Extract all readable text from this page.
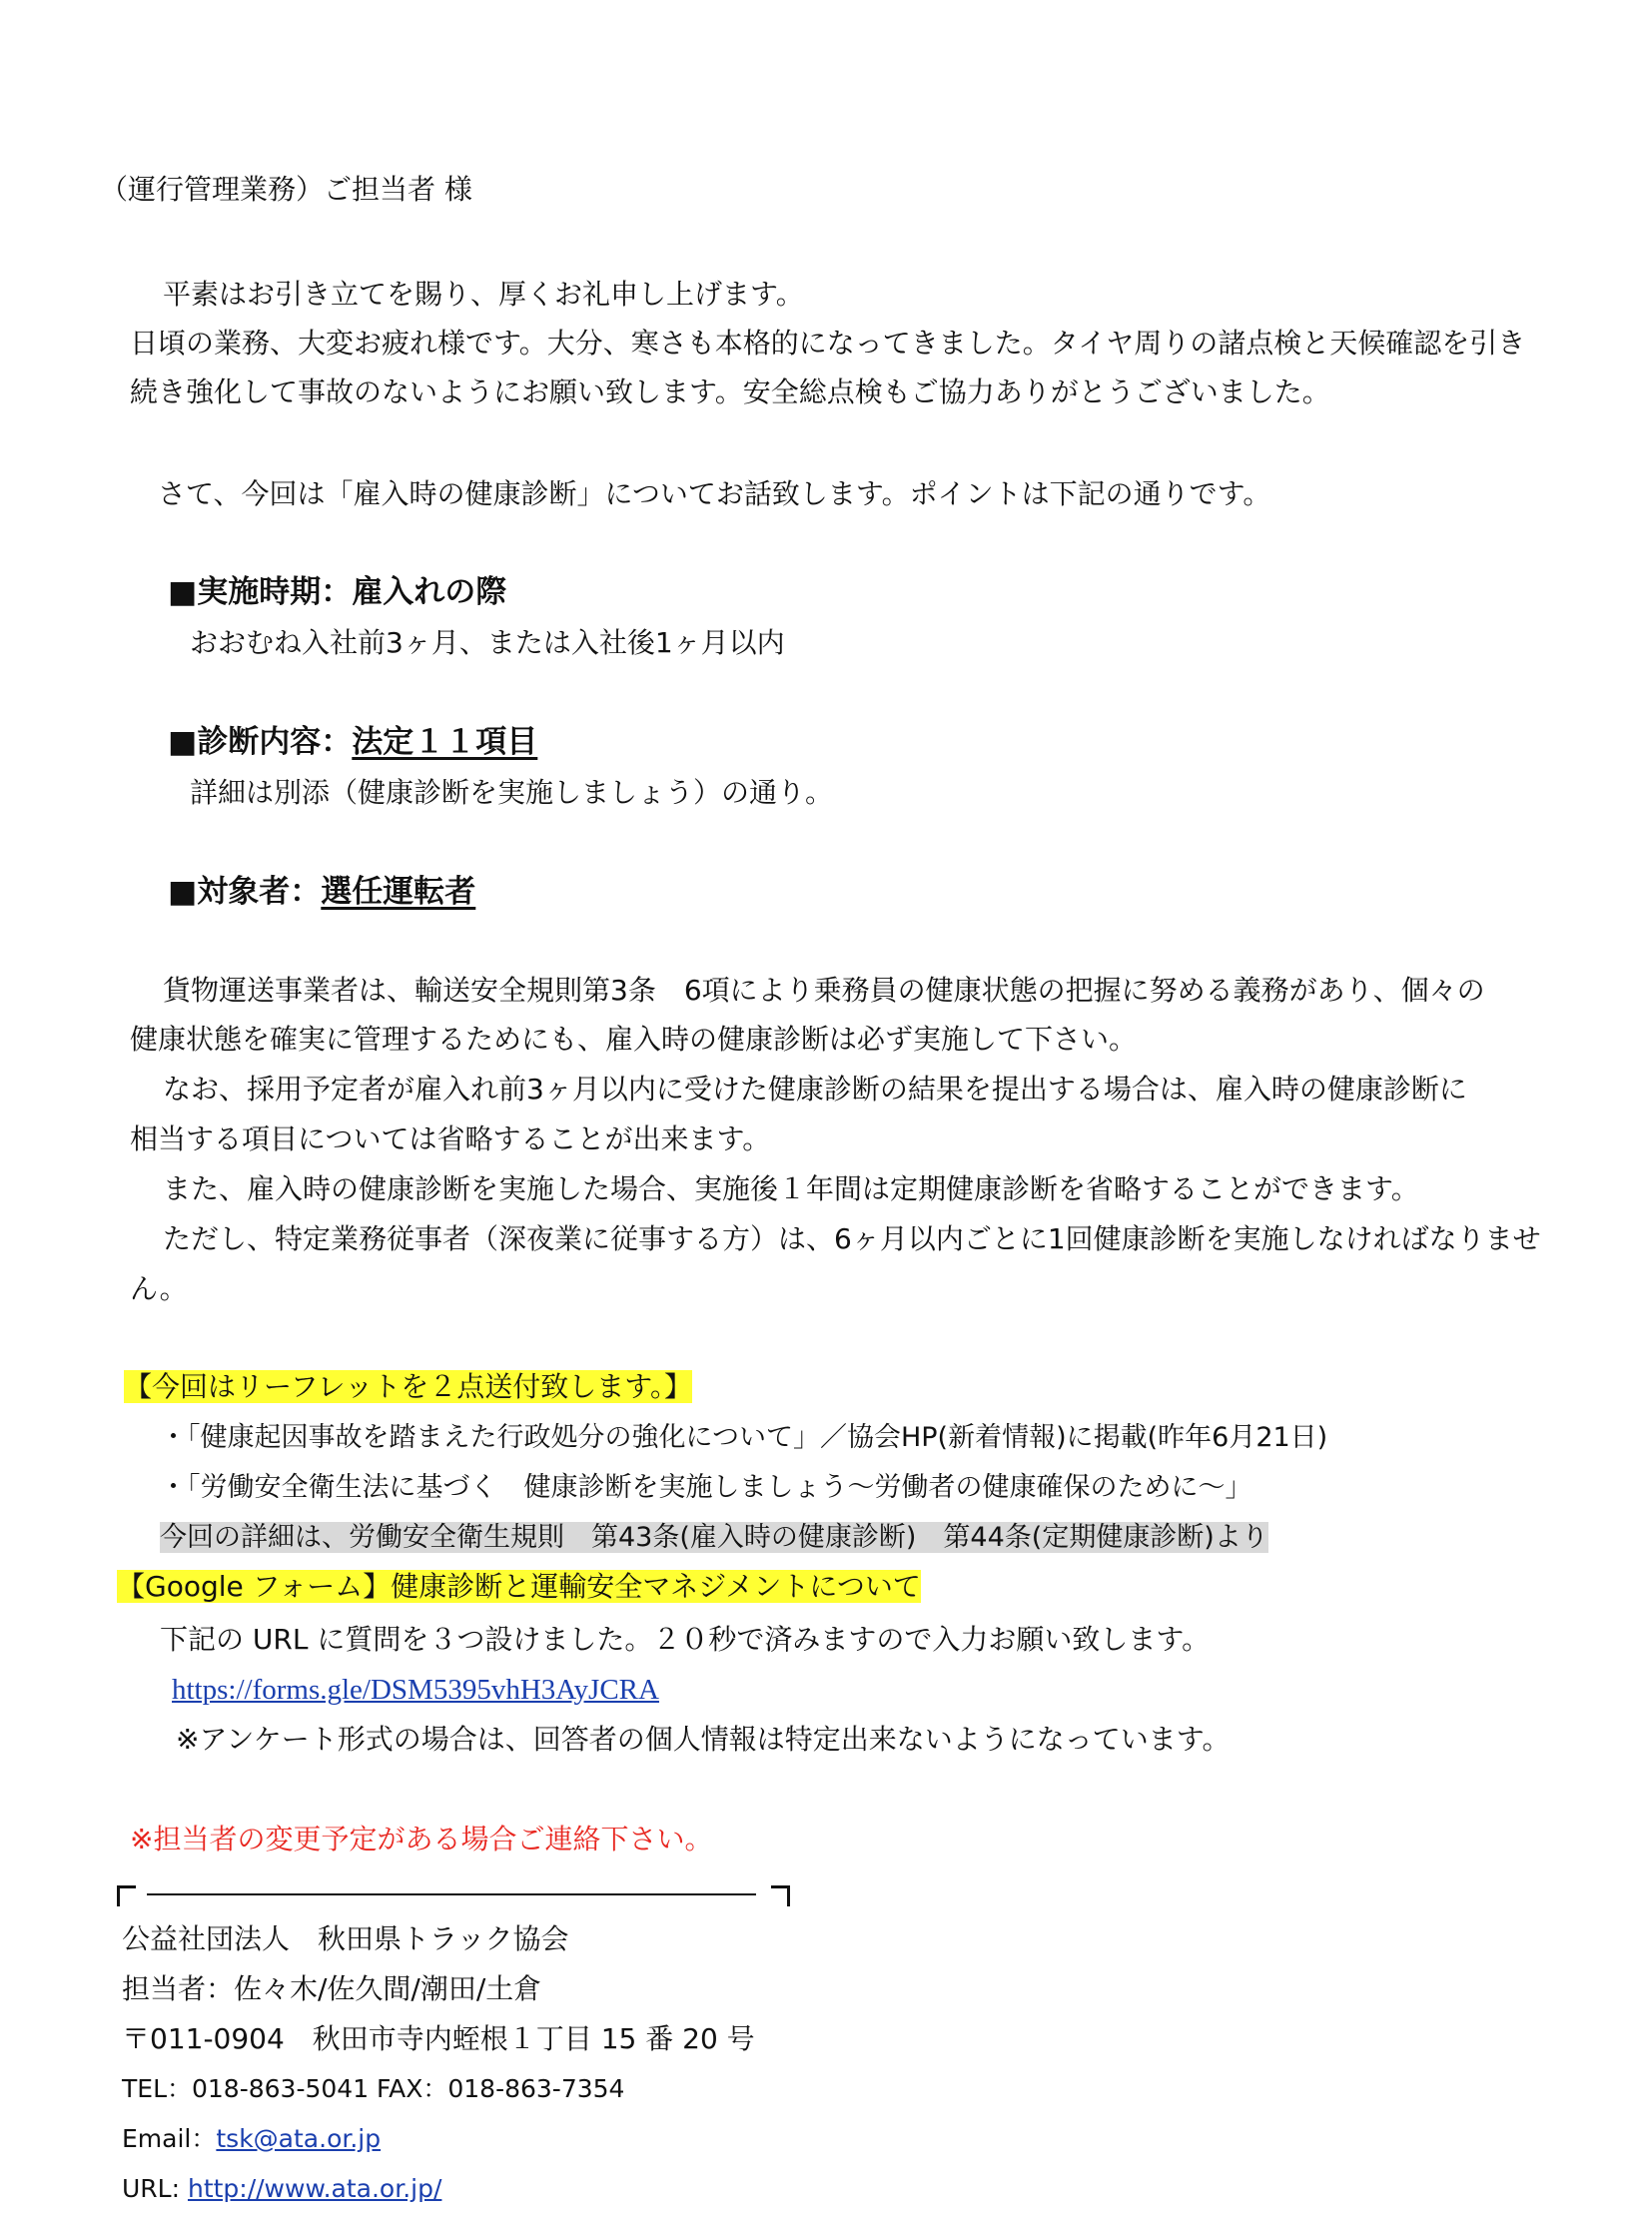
（運行管理業務）ご担当者 様
平素はお引き立てを賜り、厚くお礼申し上げます。
日頃の業務、大変お疲れ様です。大分、寒さも本格的になってきました。タイヤ周りの諸点検と天候確認を引き
続き強化して事故のないようにお願い致します。安全総点検もご協力ありがとうございました。
さて、今回は「雇入時の健康診断」についてお話致します。ポイントは下記の通りです。
■実施時期：雇入れの際
おおむね入社前3ヶ月、または入社後1ヶ月以内
■診断内容：法定１１項目
詳細は別添（健康診断を実施しましょう）の通り。
■対象者：選任運転者
貨物運送事業者は、輸送安全規則第3条　6項により乗務員の健康状態の把握に努める義務があり、個々の
健康状態を確実に管理するためにも、雇入時の健康診断は必ず実施して下さい。
なお、採用予定者が雇入れ前3ヶ月以内に受けた健康診断の結果を提出する場合は、雇入時の健康診断に
相当する項目については省略することが出来ます。
また、雇入時の健康診断を実施した場合、実施後１年間は定期健康診断を省略することができます。
ただし、特定業務従事者（深夜業に従事する方）は、6ヶ月以内ごとに1回健康診断を実施しなければなりませ
ん。
【今回はリーフレットを２点送付致します。】
・「健康起因事故を踏まえた行政処分の強化について」／協会HP(新着情報)に掲載(昨年6月21日)
・「労働安全衛生法に基づく　健康診断を実施しましょう～労働者の健康確保のために～」
今回の詳細は、労働安全衛生規則　第43条(雇入時の健康診断)　第44条(定期健康診断)より
【Google フォーム】健康診断と運輸安全マネジメントについて
下記の URL に質問を３つ設けました。２０秒で済みますので入力お願い致します。
https://forms.gle/DSM5395vhH3AyJCRA
※アンケート形式の場合は、回答者の個人情報は特定出来ないようになっています。
※担当者の変更予定がある場合ご連絡下さい。
公益社団法人　秋田県トラック協会
担当者：佐々木/佐久間/潮田/土倉
〒011-0904　秋田市寺内蛭根１丁目 15 番 20 号
TEL：018-863-5041 FAX：018-863-7354
Email：tsk@ata.or.jp
URL: http://www.ata.or.jp/
